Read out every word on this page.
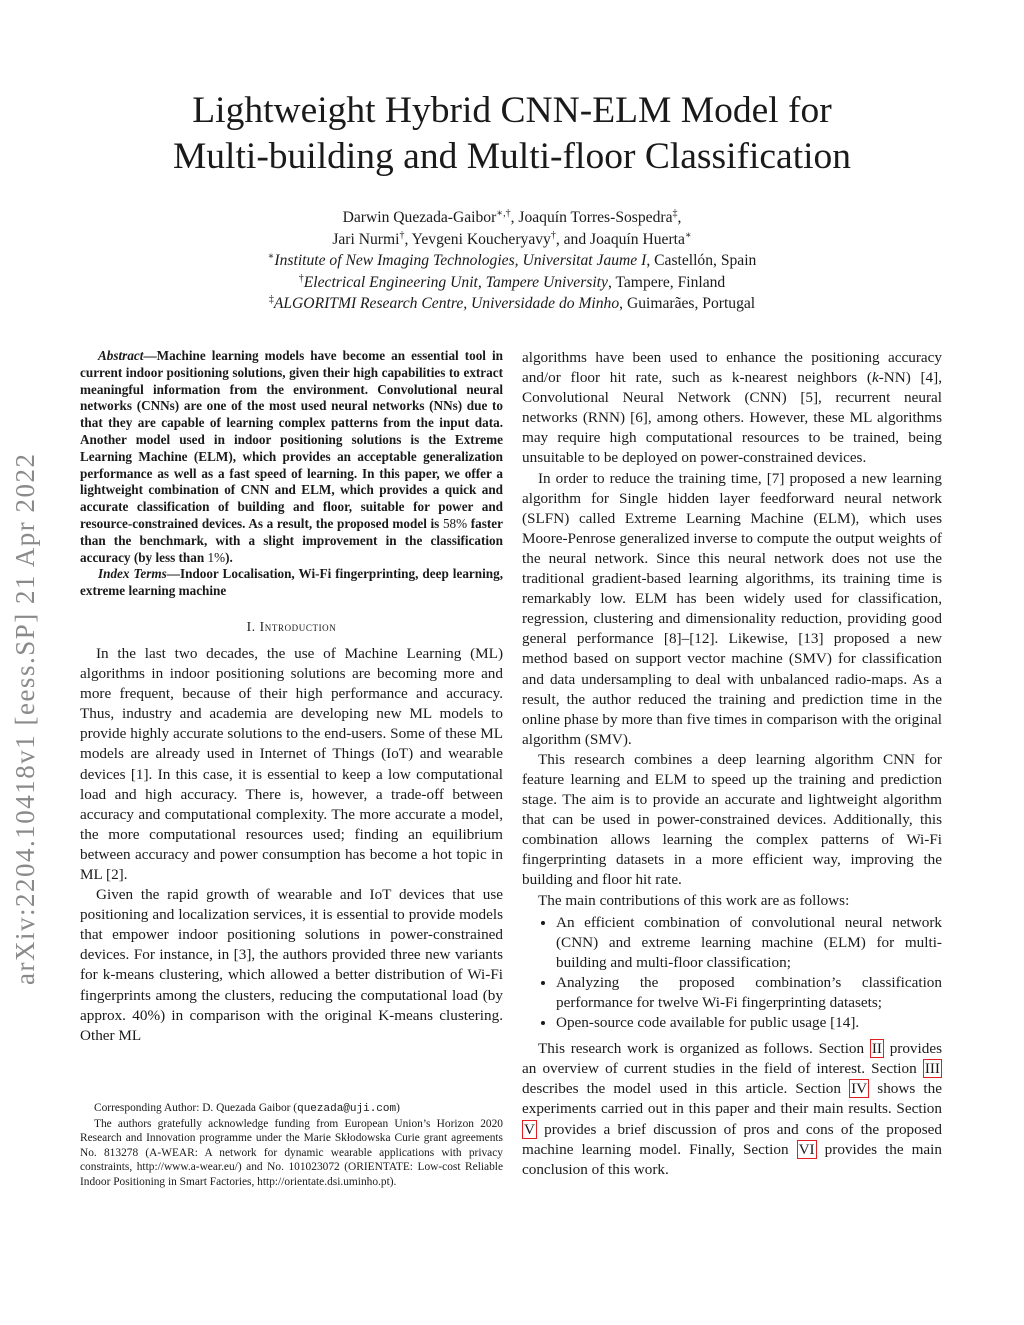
arXiv:2204.10418v1 [eess.SP] 21 Apr 2022
Lightweight Hybrid CNN-ELM Model for
Multi-building and Multi-floor Classification
Darwin Quezada-Gaibor∗,†, Joaquín Torres-Sospedra‡,
Jari Nurmi†, Yevgeni Koucheryavy†, and Joaquín Huerta∗
∗Institute of New Imaging Technologies, Universitat Jaume I, Castellón, Spain
†Electrical Engineering Unit, Tampere University, Tampere, Finland
‡ALGORITMI Research Centre, Universidade do Minho, Guimarães, Portugal

Abstract—Machine learning models have become an essential tool in current indoor positioning solutions, given their high capabilities to extract meaningful information from the environment. Convolutional neural networks (CNNs) are one of the most used neural networks (NNs) due to that they are capable of learning complex patterns from the input data. Another model used in indoor positioning solutions is the Extreme Learning Machine (ELM), which provides an acceptable generalization performance as well as a fast speed of learning. In this paper, we offer a lightweight combination of CNN and ELM, which provides a quick and accurate classification of building and floor, suitable for power and resource-constrained devices. As a result, the proposed model is 58% faster than the benchmark, with a slight improvement in the classification accuracy (by less than 1%).

Index Terms—Indoor Localisation, Wi-Fi fingerprinting, deep learning, extreme learning machine

I. Introduction

In the last two decades, the use of Machine Learning (ML) algorithms in indoor positioning solutions are becoming more and more frequent, because of their high performance and accuracy. Thus, industry and academia are developing new ML models to provide highly accurate solutions to the end-users. Some of these ML models are already used in Internet of Things (IoT) and wearable devices [1]. In this case, it is essential to keep a low computational load and high accuracy. There is, however, a trade-off between accuracy and computational complexity. The more accurate a model, the more computational resources used; finding an equilibrium between accuracy and power consumption has become a hot topic in ML [2].

Given the rapid growth of wearable and IoT devices that use positioning and localization services, it is essential to provide models that empower indoor positioning solutions in power-constrained devices. For instance, in [3], the authors provided three new variants for k-means clustering, which allowed a better distribution of Wi-Fi fingerprints among the clusters, reducing the computational load (by approx. 40%) in comparison with the original K-means clustering. Other ML

Corresponding Author: D. Quezada Gaibor (quezada@uji.com)

The authors gratefully acknowledge funding from European Union’s Horizon 2020 Research and Innovation programme under the Marie Skłodowska Curie grant agreements No. 813278 (A-WEAR: A network for dynamic wearable applications with privacy constraints, http://www.a-wear.eu/) and No. 101023072 (ORIENTATE: Low-cost Reliable Indoor Positioning in Smart Factories, http://orientate.dsi.uminho.pt).

algorithms have been used to enhance the positioning accuracy and/or floor hit rate, such as k-nearest neighbors (k-NN) [4], Convolutional Neural Network (CNN) [5], recurrent neural networks (RNN) [6], among others. However, these ML algorithms may require high computational resources to be trained, being unsuitable to be deployed on power-constrained devices.

In order to reduce the training time, [7] proposed a new learning algorithm for Single hidden layer feedforward neural network (SLFN) called Extreme Learning Machine (ELM), which uses Moore-Penrose generalized inverse to compute the output weights of the neural network. Since this neural network does not use the traditional gradient-based learning algorithms, its training time is remarkably low. ELM has been widely used for classification, regression, clustering and dimensionality reduction, providing good general performance [8]–[12]. Likewise, [13] proposed a new method based on support vector machine (SMV) for classification and data undersampling to deal with unbalanced radio-maps. As a result, the author reduced the training and prediction time in the online phase by more than five times in comparison with the original algorithm (SMV).

This research combines a deep learning algorithm CNN for feature learning and ELM to speed up the training and prediction stage. The aim is to provide an accurate and lightweight algorithm that can be used in power-constrained devices. Additionally, this combination allows learning the complex patterns of Wi-Fi fingerprinting datasets in a more efficient way, improving the building and floor hit rate.

The main contributions of this work are as follows:

• An efficient combination of convolutional neural network (CNN) and extreme learning machine (ELM) for multi-building and multi-floor classification;
• Analyzing the proposed combination’s classification performance for twelve Wi-Fi fingerprinting datasets;
• Open-source code available for public usage [14].

This research work is organized as follows. Section II provides an overview of current studies in the field of interest. Section III describes the model used in this article. Section IV shows the experiments carried out in this paper and their main results. Section V provides a brief discussion of pros and cons of the proposed machine learning model. Finally, Section VI provides the main conclusion of this work.
